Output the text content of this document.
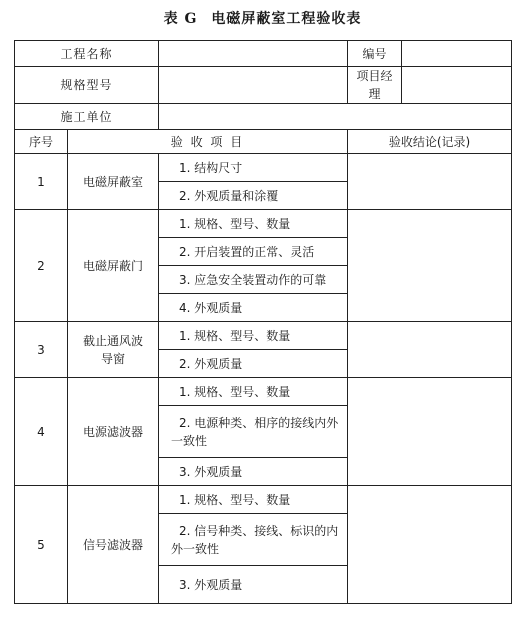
表 G 电磁屏蔽室工程验收表
工程名称			编号	
规格型号			项目经理	
施工单位				
序号	验 收 项 目		验收结论(记录)	
1	电磁屏蔽室	1. 结构尺寸		
		2. 外观质量和涂覆		
2	电磁屏蔽门	1. 规格、型号、数量		
		2. 开启装置的正常、灵活		
		3. 应急安全装置动作的可靠		
		4. 外观质量		
3	截止通风波导窗	1. 规格、型号、数量		
		2. 外观质量		
4	电源滤波器	1. 规格、型号、数量		
		2. 电源种类、相序的接线内外一致性		
		3. 外观质量		
5	信号滤波器	1. 规格、型号、数量		
		2. 信号种类、接线、标识的内外一致性		
		3. 外观质量		
